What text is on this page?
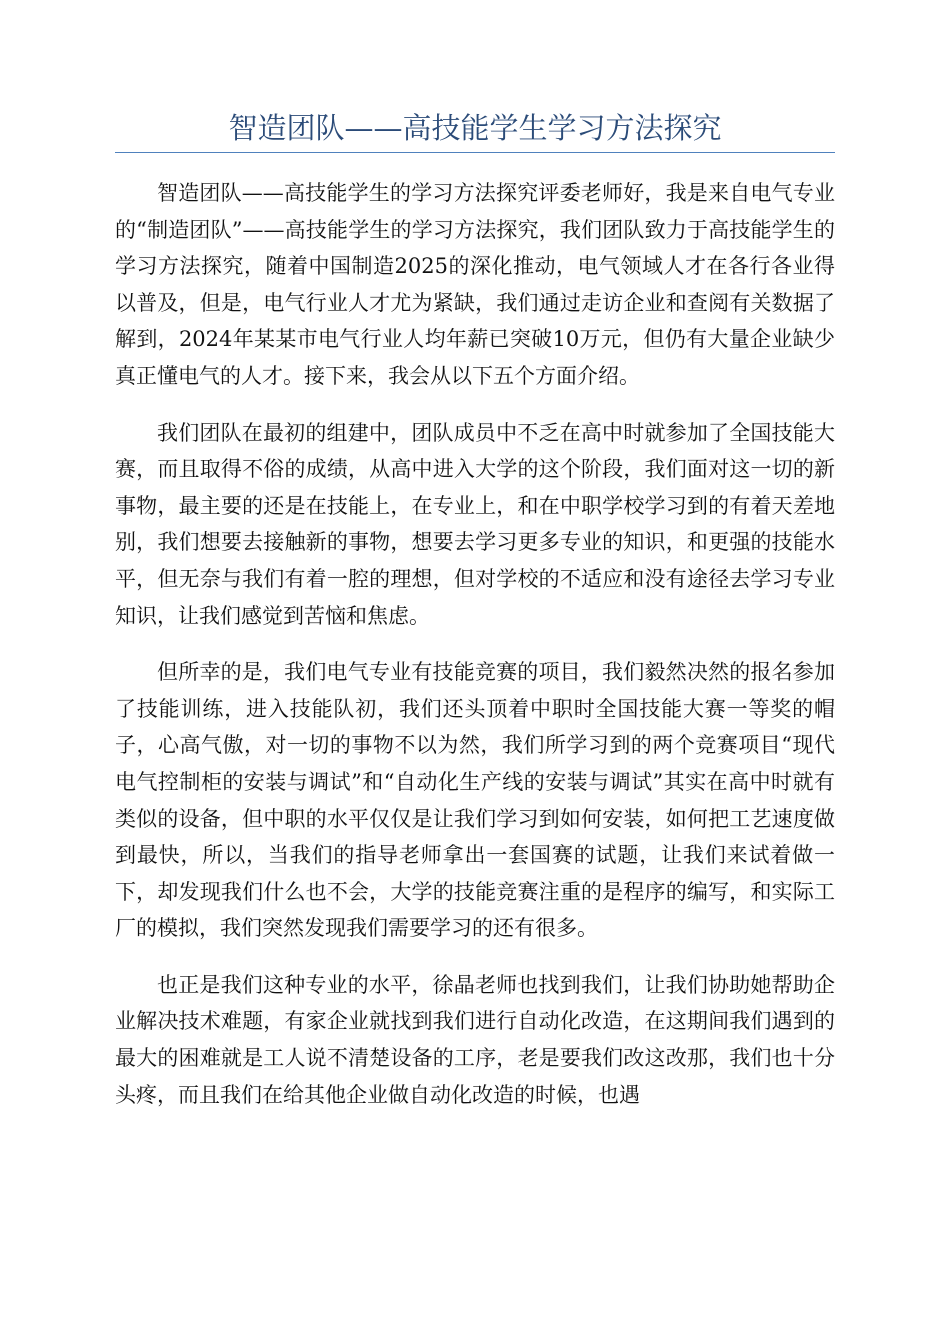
智造团队——高技能学生学习方法探究

智造团队——高技能学生的学习方法探究评委老师好，我是来自电气专业的“制造团队”——高技能学生的学习方法探究，我们团队致力于高技能学生的学习方法探究，随着中国制造2025的深化推动，电气领域人才在各行各业得以普及，但是，电气行业人才尤为紧缺，我们通过走访企业和查阅有关数据了解到，2024年某某市电气行业人均年薪已突破10万元，但仍有大量企业缺少真正懂电气的人才。接下来，我会从以下五个方面介绍。

我们团队在最初的组建中，团队成员中不乏在高中时就参加了全国技能大赛，而且取得不俗的成绩，从高中进入大学的这个阶段，我们面对这一切的新事物，最主要的还是在技能上，在专业上，和在中职学校学习到的有着天差地别，我们想要去接触新的事物，想要去学习更多专业的知识，和更强的技能水平，但无奈与我们有着一腔的理想，但对学校的不适应和没有途径去学习专业知识，让我们感觉到苦恼和焦虑。

但所幸的是，我们电气专业有技能竞赛的项目，我们毅然决然的报名参加了技能训练，进入技能队初，我们还头顶着中职时全国技能大赛一等奖的帽子，心高气傲，对一切的事物不以为然，我们所学习到的两个竞赛项目“现代电气控制柜的安装与调试”和“自动化生产线的安装与调试”其实在高中时就有类似的设备，但中职的水平仅仅是让我们学习到如何安装，如何把工艺速度做到最快，所以，当我们的指导老师拿出一套国赛的试题，让我们来试着做一下，却发现我们什么也不会，大学的技能竞赛注重的是程序的编写，和实际工厂的模拟，我们突然发现我们需要学习的还有很多。

也正是我们这种专业的水平，徐晶老师也找到我们，让我们协助她帮助企业解决技术难题，有家企业就找到我们进行自动化改造，在这期间我们遇到的最大的困难就是工人说不清楚设备的工序，老是要我们改这改那，我们也十分头疼，而且我们在给其他企业做自动化改造的时候，也遇
